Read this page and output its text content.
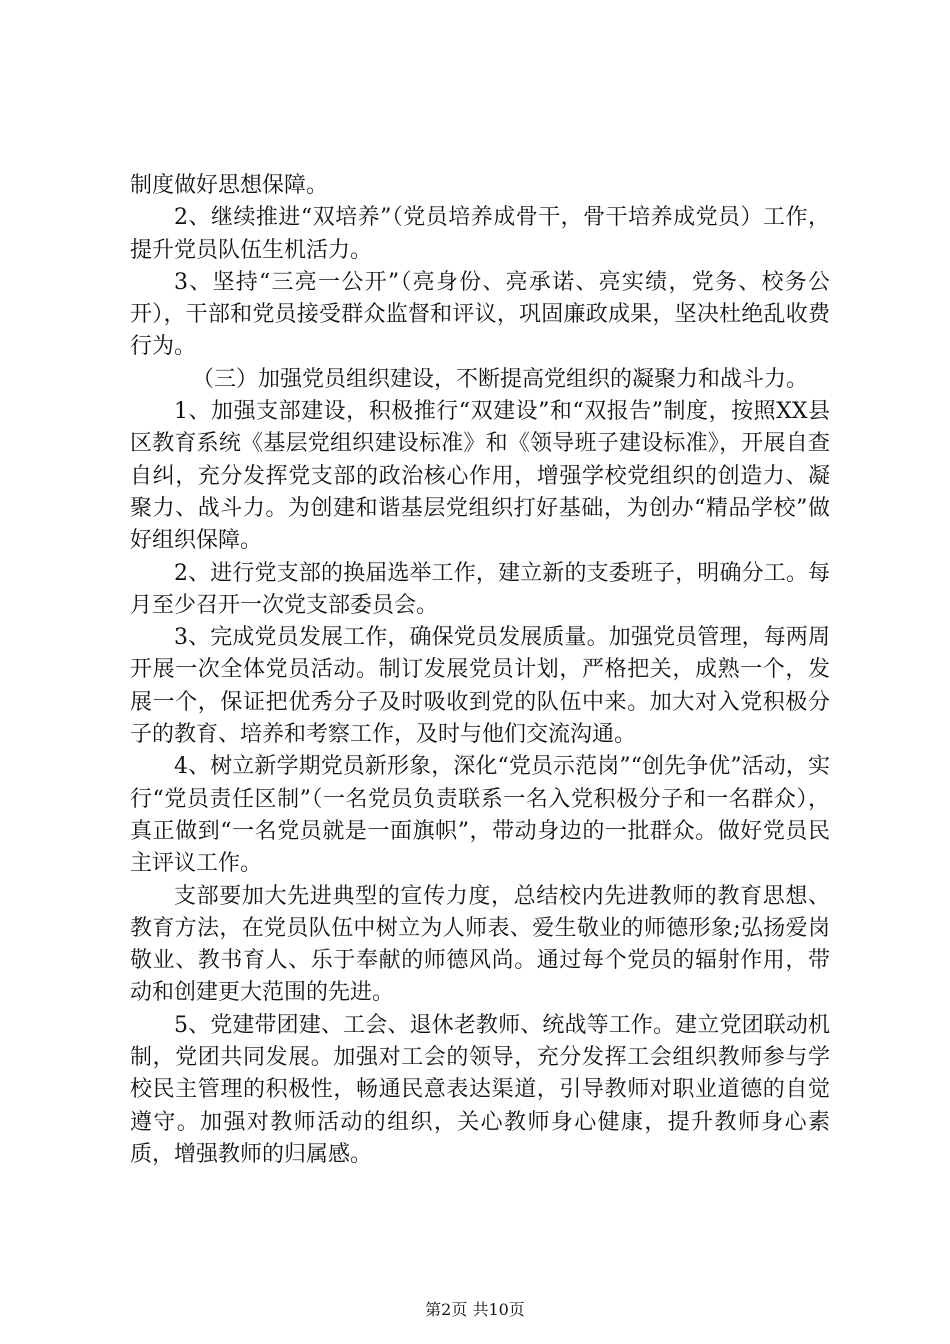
制度做好思想保障。

2、继续推进“双培养”（党员培养成骨干，骨干培养成党员）工作，提升党员队伍生机活力。

3、坚持“三亮一公开”（亮身份、亮承诺、亮实绩，党务、校务公开），干部和党员接受群众监督和评议，巩固廉政成果，坚决杜绝乱收费行为。

（三）加强党员组织建设，不断提高党组织的凝聚力和战斗力。

1、加强支部建设，积极推行“双建设”和“双报告”制度，按照XX县区教育系统《基层党组织建设标准》和《领导班子建设标准》，开展自查自纠，充分发挥党支部的政治核心作用，增强学校党组织的创造力、凝聚力、战斗力。为创建和谐基层党组织打好基础，为创办“精品学校”做好组织保障。

2、进行党支部的换届选举工作，建立新的支委班子，明确分工。每月至少召开一次党支部委员会。

3、完成党员发展工作，确保党员发展质量。加强党员管理，每两周开展一次全体党员活动。制订发展党员计划，严格把关，成熟一个，发展一个，保证把优秀分子及时吸收到党的队伍中来。加大对入党积极分子的教育、培养和考察工作，及时与他们交流沟通。

4、树立新学期党员新形象，深化“党员示范岗”“创先争优”活动，实行“党员责任区制”（一名党员负责联系一名入党积极分子和一名群众），真正做到“一名党员就是一面旗帜”，带动身边的一批群众。做好党员民主评议工作。

支部要加大先进典型的宣传力度，总结校内先进教师的教育思想、教育方法，在党员队伍中树立为人师表、爱生敬业的师德形象;弘扬爱岗敬业、教书育人、乐于奉献的师德风尚。通过每个党员的辐射作用，带动和创建更大范围的先进。

5、党建带团建、工会、退休老教师、统战等工作。建立党团联动机制，党团共同发展。加强对工会的领导，充分发挥工会组织教师参与学校民主管理的积极性，畅通民意表达渠道，引导教师对职业道德的自觉遵守。加强对教师活动的组织，关心教师身心健康，提升教师身心素质，增强教师的归属感。

第2页 共10页
